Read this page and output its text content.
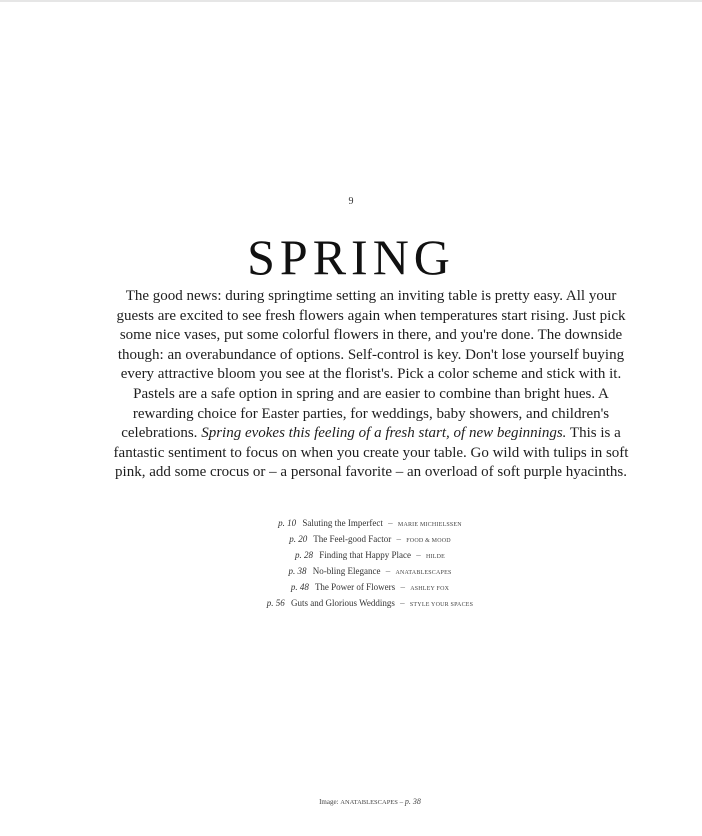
9
SPRING
The good news: during springtime setting an inviting table is pretty easy. All your guests are excited to see fresh flowers again when temperatures start rising. Just pick some nice vases, put some colorful flowers in there, and you're done. The downside though: an overabundance of options. Self-control is key. Don't lose yourself buying every attractive bloom you see at the florist's. Pick a color scheme and stick with it. Pastels are a safe option in spring and are easier to combine than bright hues. A rewarding choice for Easter parties, for weddings, baby showers, and children's celebrations. Spring evokes this feeling of a fresh start, of new beginnings. This is a fantastic sentiment to focus on when you create your table. Go wild with tulips in soft pink, add some crocus or – a personal favorite – an overload of soft purple hyacinths.
p. 10 Saluting the Imperfect – MARIE MICHIELSSEN
p. 20 The Feel-good Factor – FOOD & MOOD
p. 28 Finding that Happy Place – HILDE
p. 38 No-bling Elegance – ANATABLESCAPES
p. 48 The Power of Flowers – ASHLEY FOX
p. 56 Guts and Glorious Weddings – STYLE YOUR SPACES
Image: ANATABLESCAPES – p. 38
